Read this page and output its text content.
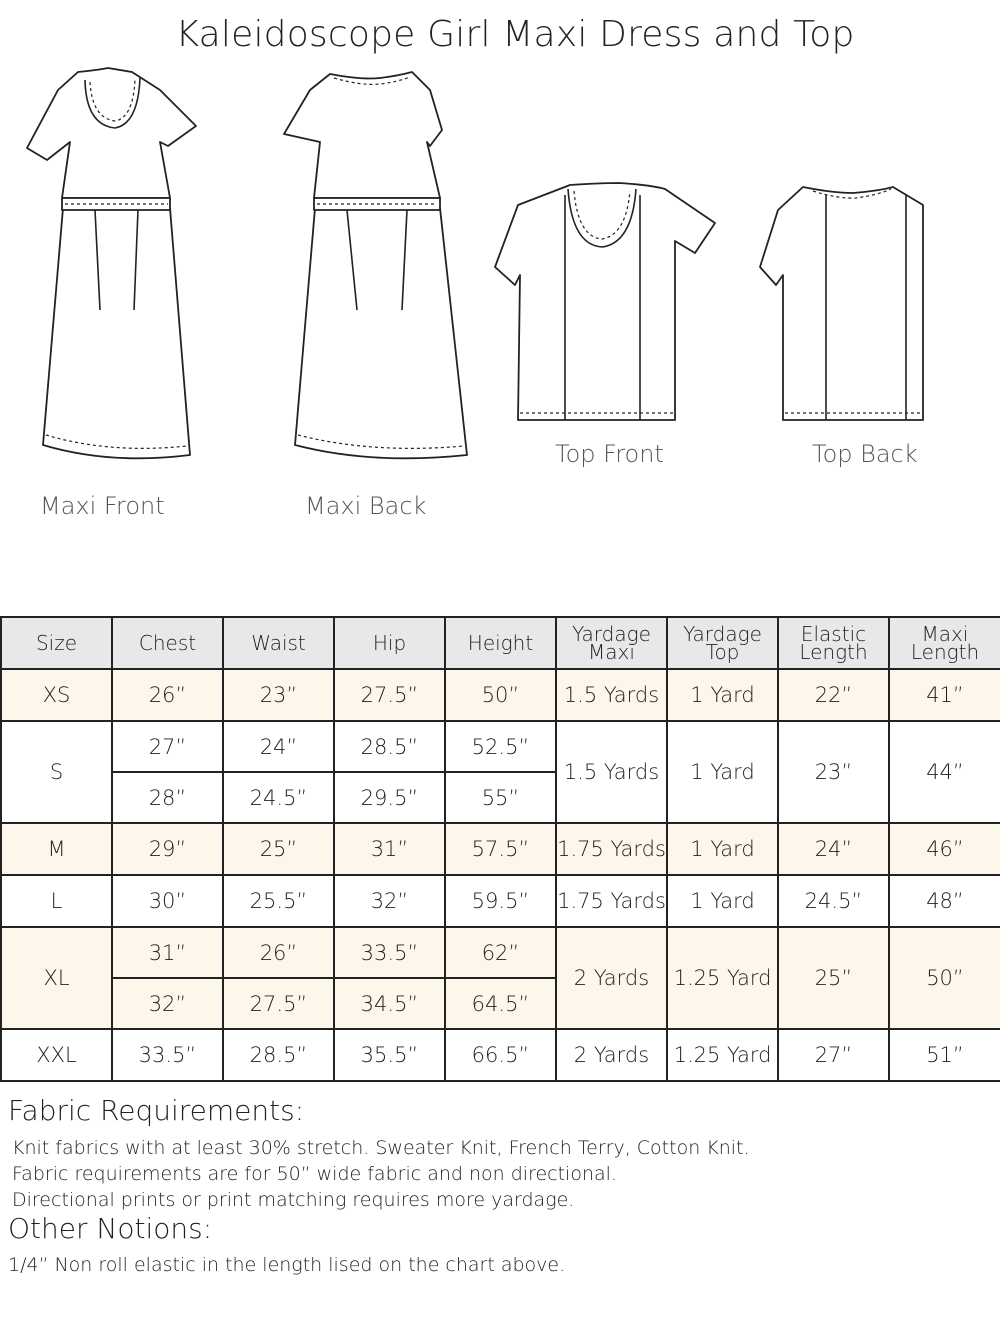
Kaleidoscope Girl Maxi Dress and Top
Maxi Front	Maxi Back
Top Front	Top Back
Size	Chest	Waist	Hip	Height	Yardage Maxi	Yardage Top	Elastic Length	Maxi Length
XS	26”	23”	27.5”	50”	1.5 Yards	1 Yard	22”	41”
S	27”	24”	28.5”	52.5”	1.5 Yards	1 Yard	23”	44”
	28”	24.5”	29.5”	55”				
M	29”	25”	31”	57.5”	1.75 Yards	1 Yard	24”	46”
L	30”	25.5”	32”	59.5”	1.75 Yards	1 Yard	24.5”	48”
XL	31”	26”	33.5”	62”	2 Yards	1.25 Yard	25”	50”
	32”	27.5”	34.5”	64.5”				
XXL	33.5”	28.5”	35.5”	66.5”	2 Yards	1.25 Yard	27”	51”
Fabric Requirements:
Knit fabrics with at least 30% stretch. Sweater Knit, French Terry, Cotton Knit.
Fabric requirements are for 50” wide fabric and non directional.
Directional prints or print matching requires more yardage.
Other Notions:
1/4” Non roll elastic in the length lised on the chart above.
